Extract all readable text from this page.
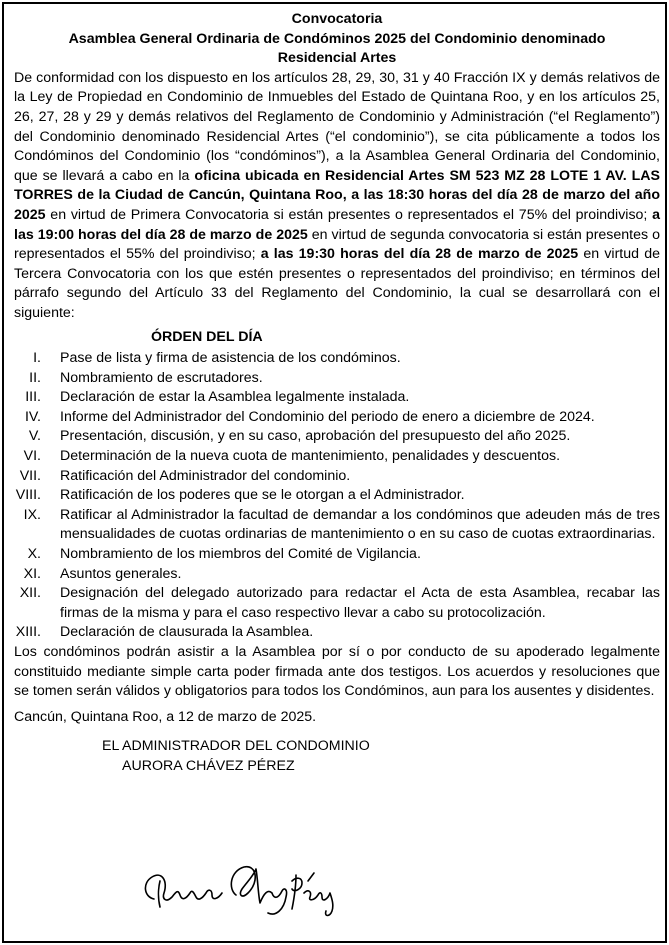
Convocatoria

Asamblea General Ordinaria de Condóminos 2025 del Condominio denominado

Residencial Artes

De conformidad con los dispuesto en los artículos 28, 29, 30, 31 y 40 Fracción IX y demás relativos de la Ley de Propiedad en Condominio de Inmuebles del Estado de Quintana Roo, y en los artículos 25, 26, 27, 28 y 29 y demás relativos del Reglamento de Condominio y Administración (“el Reglamento”) del Condominio denominado Residencial Artes (“el condominio”), se cita públicamente a todos los Condóminos del Condominio (los “condóminos”), a la Asamblea General Ordinaria del Condominio, que se llevará a cabo en la oficina ubicada en Residencial Artes SM 523 MZ 28 LOTE 1 AV. LAS TORRES de la Ciudad de Cancún, Quintana Roo, a las 18:30 horas del día 28 de marzo del año 2025 en virtud de Primera Convocatoria si están presentes o representados el 75% del proindiviso; a las 19:00 horas del día 28 de marzo de 2025 en virtud de segunda convocatoria si están presentes o representados el 55% del proindiviso; a las 19:30 horas del día 28 de marzo de 2025 en virtud de Tercera Convocatoria con los que estén presentes o representados del proindiviso; en términos del párrafo segundo del Artículo 33 del Reglamento del Condominio, la cual se desarrollará con el siguiente:

ÓRDEN DEL DÍA
I. Pase de lista y firma de asistencia de los condóminos.
II. Nombramiento de escrutadores.
III. Declaración de estar la Asamblea legalmente instalada.
IV. Informe del Administrador del Condominio del periodo de enero a diciembre de 2024.
V. Presentación, discusión, y en su caso, aprobación del presupuesto del año 2025.
VI. Determinación de la nueva cuota de mantenimiento, penalidades y descuentos.
VII. Ratificación del Administrador del condominio.
VIII. Ratificación de los poderes que se le otorgan a el Administrador.
IX. Ratificar al Administrador la facultad de demandar a los condóminos que adeuden más de tres mensualidades de cuotas ordinarias de mantenimiento o en su caso de cuotas extraordinarias.
X. Nombramiento de los miembros del Comité de Vigilancia.
XI. Asuntos generales.
XII. Designación del delegado autorizado para redactar el Acta de esta Asamblea, recabar las firmas de la misma y para el caso respectivo llevar a cabo su protocolización.
XIII. Declaración de clausurada la Asamblea.

Los condóminos podrán asistir a la Asamblea por sí o por conducto de su apoderado legalmente constituido mediante simple carta poder firmada ante dos testigos. Los acuerdos y resoluciones que se tomen serán válidos y obligatorios para todos los Condóminos, aun para los ausentes y disidentes.

Cancún, Quintana Roo, a 12 de marzo de 2025.

EL ADMINISTRADOR DEL CONDOMINIO
AURORA CHÁVEZ PÉREZ
